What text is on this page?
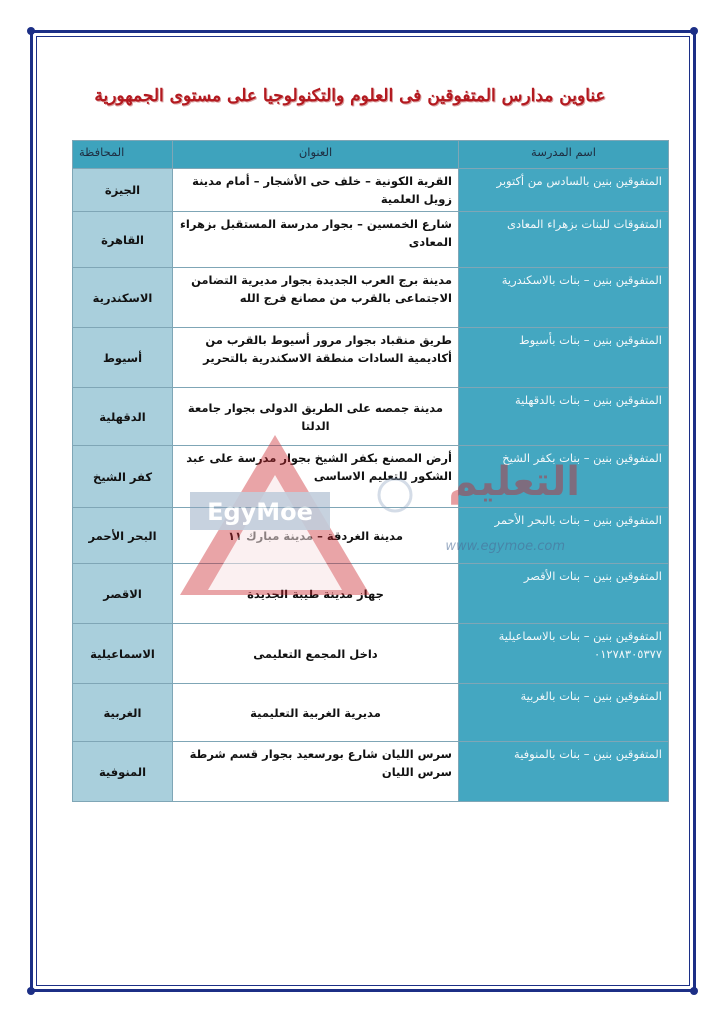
عناوين مدارس المتفوقين فى العلوم والتكنولوجيا على مستوى الجمهورية
اسم المدرسة	العنوان	المحافظة
المتفوقين بنين بالسادس من أكتوبر	القرية الكونية – خلف حى الأشجار – أمام مدينة زويل العلمية	الجيزة
المتفوقات للبنات بزهراء المعادى	شارع الخمسين – بجوار مدرسة المستقبل بزهراء المعادى	القاهرة
المتفوقين بنين – بنات بالاسكندرية	مدينة برج العرب الجديدة بجوار مديرية التضامن الاجتماعى بالقرب من مصانع فرج الله	الاسكندرية
المتفوقين بنين – بنات بأسيوط	طريق منقباد بجوار مرور أسيوط بالقرب من أكاديمية السادات منطقة الاسكندرية بالتحرير	أسيوط
المتفوقين بنين – بنات بالدقهلية	مدينة جمصه على الطريق الدولى بجوار جامعة الدلتا	الدقهلية
المتفوقين بنين – بنات بكفر الشيخ	أرض المصنع بكفر الشيخ بجوار مدرسة على عبد الشكور للتعليم الاساسى	كفر الشيخ
المتفوقين بنين – بنات بالبحر الأحمر	مدينة الغردقة – مدينة مبارك ١١	البحر الأحمر
المتفوقين بنين – بنات الأقصر	جهاز مدينة طيبة الجديدة	الاقصر
المتفوقين بنين – بنات بالاسماعيلية ٠١٢٧٨٣٠٥٣٧٧	داخل المجمع التعليمى	الاسماعيلية
المتفوقين بنين – بنات بالغربية	مديرية الغربية التعليمية	الغربية
المتفوقين بنين – بنات بالمنوفية	سرس الليان شارع بورسعيد بجوار قسم شرطة سرس الليان	المنوفية
EgyMoe
التعليم
www.egymoe.com
